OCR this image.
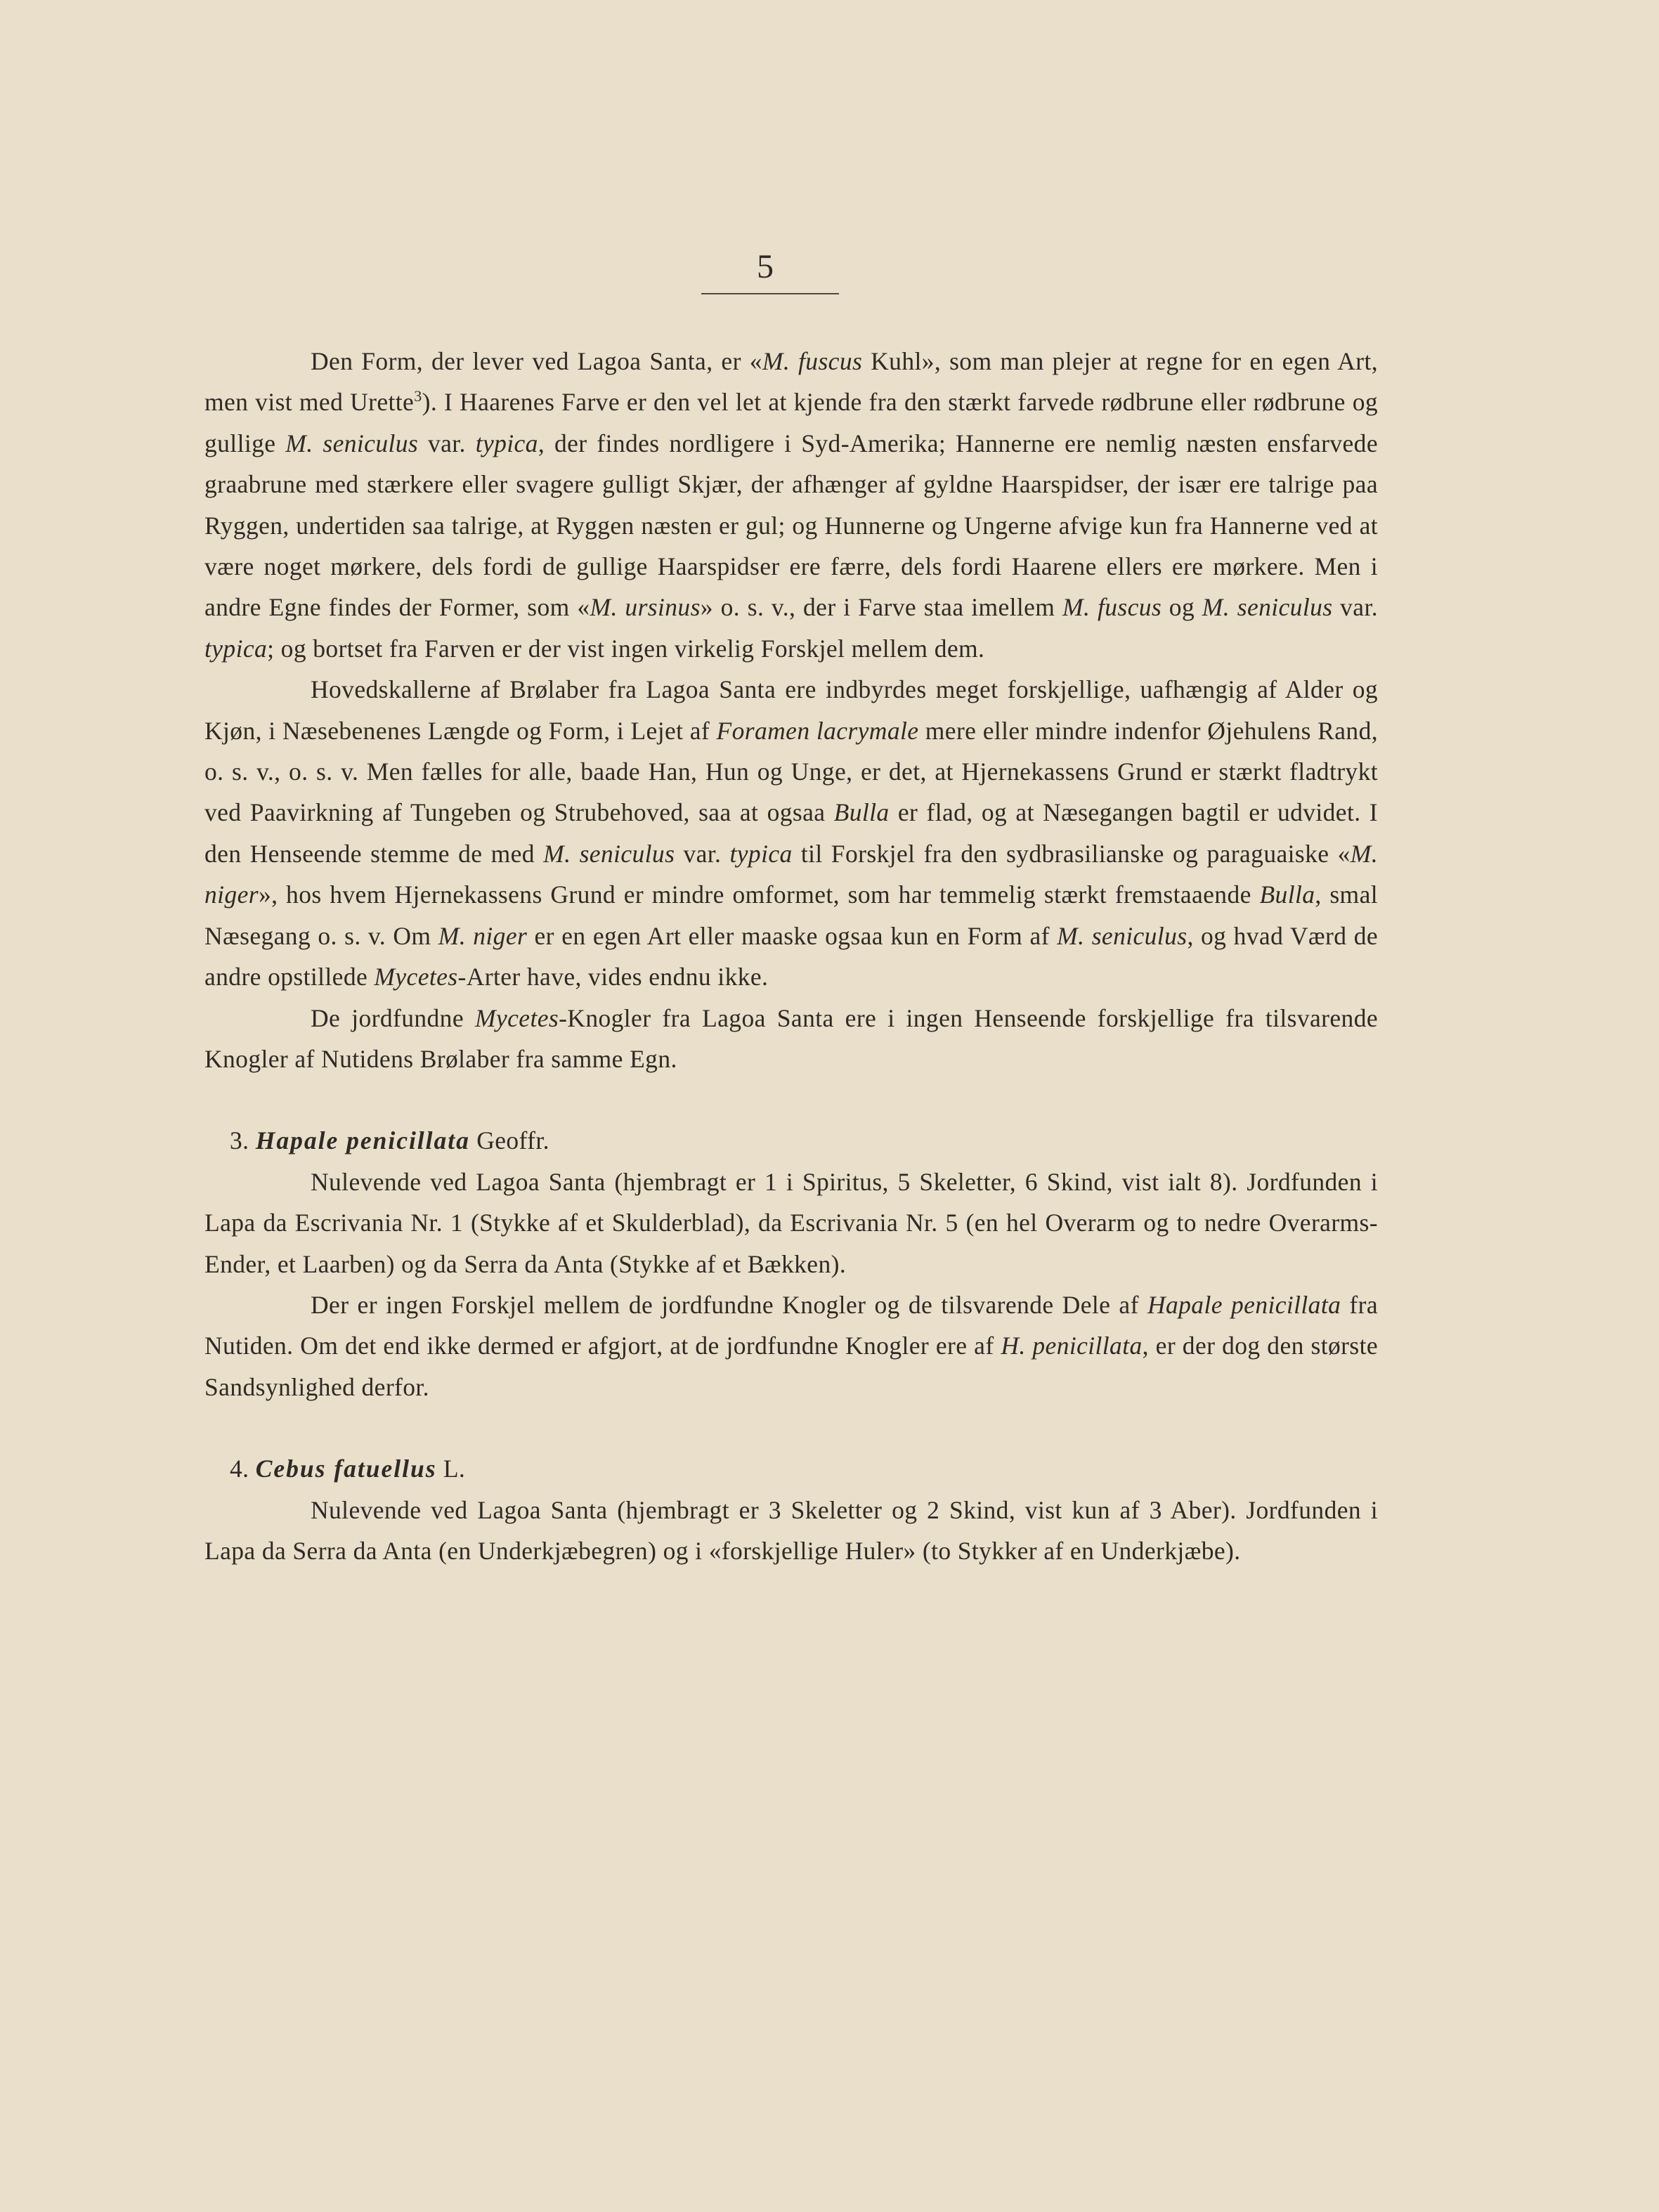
5

Den Form, der lever ved Lagoa Santa, er «M. fuscus Kuhl», som man plejer at regne for en egen Art, men vist med Urette$^3$). I Haarenes Farve er den vel let at kjende fra den stærkt farvede rødbrune eller rødbrune og gullige M. seniculus var. typica, der findes nordligere i Syd-Amerika; Hannerne ere nemlig næsten ensfarvede graabrune med stærkere eller svagere gulligt Skjær, der afhænger af gyldne Haarspidser, der især ere talrige paa Ryggen, undertiden saa talrige, at Ryggen næsten er gul; og Hunnerne og Ungerne afvige kun fra Hannerne ved at være noget mørkere, dels fordi de gullige Haarspidser ere færre, dels fordi Haarene ellers ere mørkere. Men i andre Egne findes der Former, som «M. ursinus» o. s. v., der i Farve staa imellem M. fuscus og M. seniculus var. typica; og bortset fra Farven er der vist ingen virkelig Forskjel mellem dem.

Hovedskallerne af Brølaber fra Lagoa Santa ere indbyrdes meget forskjellige, uafhængig af Alder og Kjøn, i Næsebenenes Længde og Form, i Lejet af Foramen lacrymale mere eller mindre indenfor Øjehulens Rand, o. s. v., o. s. v. Men fælles for alle, baade Han, Hun og Unge, er det, at Hjernekassens Grund er stærkt fladtrykt ved Paavirkning af Tungeben og Strubehoved, saa at ogsaa Bulla er flad, og at Næsegangen bagtil er udvidet. I den Henseende stemme de med M. seniculus var. typica til Forskjel fra den sydbrasilianske og paraguaiske «M. niger», hos hvem Hjernekassens Grund er mindre omformet, som har temmelig stærkt fremstaaende Bulla, smal Næsegang o. s. v. Om M. niger er en egen Art eller maaske ogsaa kun en Form af M. seniculus, og hvad Værd de andre opstillede Mycetes-Arter have, vides endnu ikke.

De jordfundne Mycetes-Knogler fra Lagoa Santa ere i ingen Henseende forskjellige fra tilsvarende Knogler af Nutidens Brølaber fra samme Egn.

3. Hapale penicillata Geoffr.

Nulevende ved Lagoa Santa (hjembragt er 1 i Spiritus, 5 Skeletter, 6 Skind, vist ialt 8). Jordfunden i Lapa da Escrivania Nr. 1 (Stykke af et Skulderblad), da Escrivania Nr. 5 (en hel Overarm og to nedre Overarms-Ender, et Laarben) og da Serra da Anta (Stykke af et Bækken).

Der er ingen Forskjel mellem de jordfundne Knogler og de tilsvarende Dele af Hapale penicillata fra Nutiden. Om det end ikke dermed er afgjort, at de jordfundne Knogler ere af H. penicillata, er der dog den største Sandsynlighed derfor.

4. Cebus fatuellus L.

Nulevende ved Lagoa Santa (hjembragt er 3 Skeletter og 2 Skind, vist kun af 3 Aber). Jordfunden i Lapa da Serra da Anta (en Underkjæbegren) og i «forskjellige Huler» (to Stykker af en Underkjæbe).
